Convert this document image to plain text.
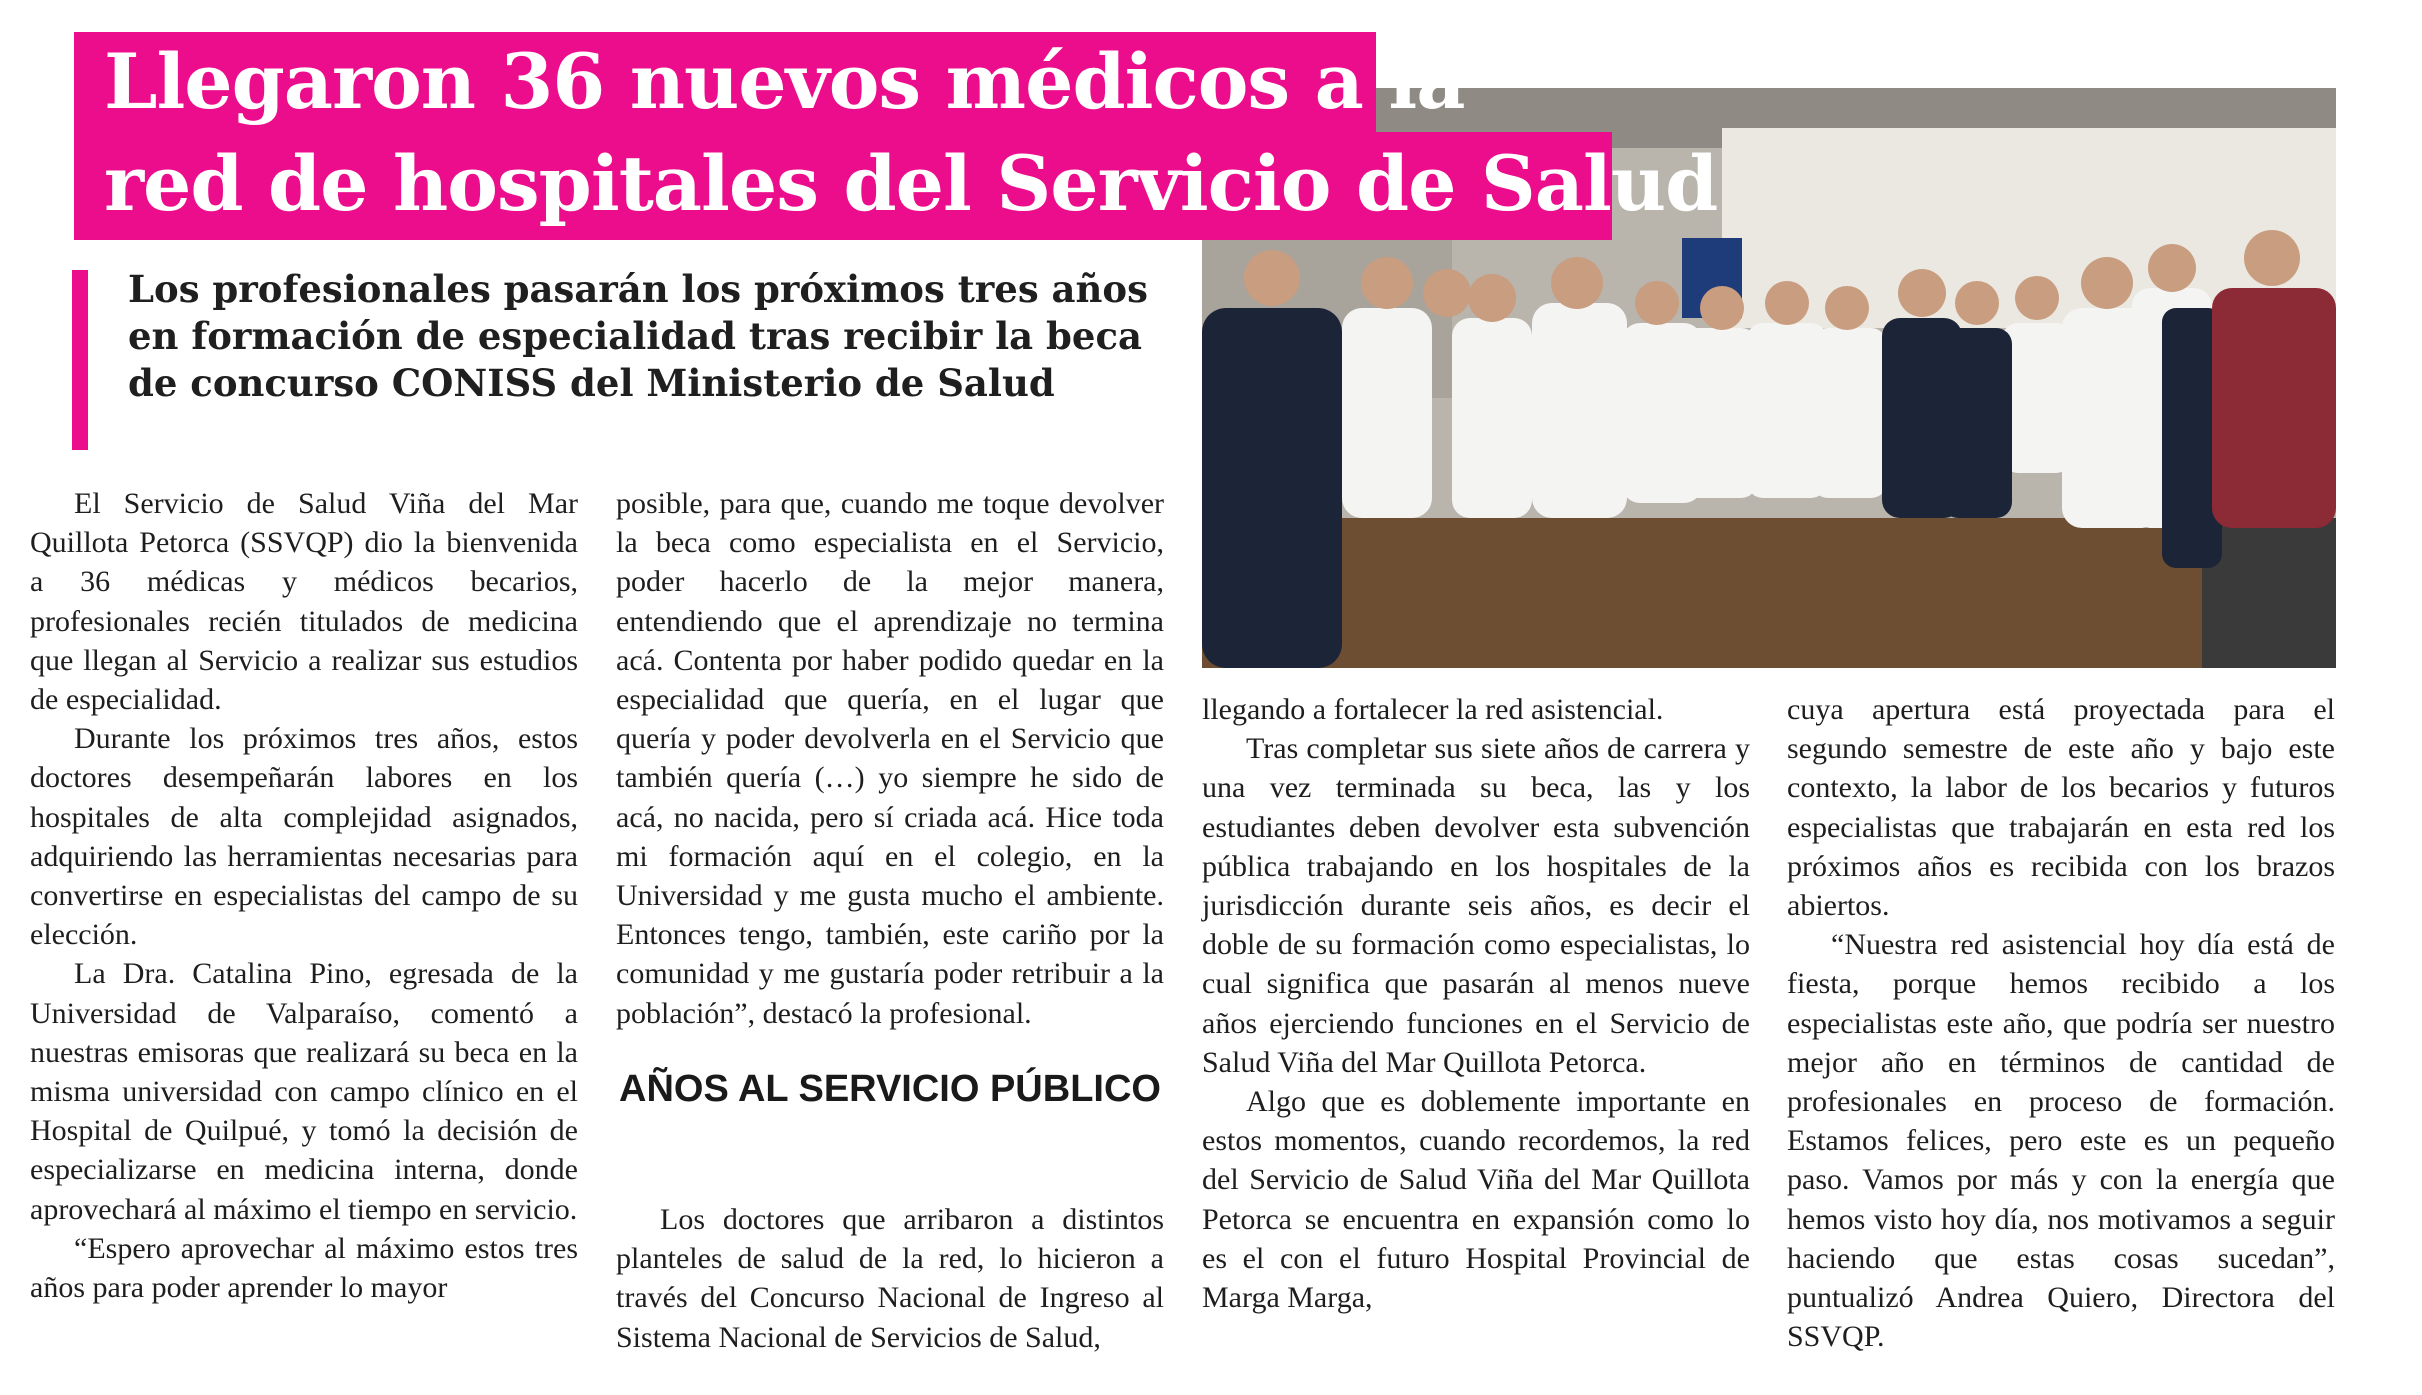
Llegaron 36 nuevos médicos a la
red de hospitales del Servicio de Salud
Los profesionales pasarán los próximos tres años en formación de especialidad tras recibir la beca de concurso CONISS del Ministerio de Salud

El Servicio de Salud Viña del Mar Quillota Petorca (SSVQP) dio la bienvenida a 36 médicas y médicos becarios, profesionales recién titulados de medicina que llegan al Servicio a realizar sus estudios de especialidad.

Durante los próximos tres años, estos doctores desempeñarán labores en los hospitales de alta complejidad asignados, adquiriendo las herramientas necesarias para convertirse en especialistas del campo de su elección.

La Dra. Catalina Pino, egresada de la Universidad de Valparaíso, comentó a nuestras emisoras que realizará su beca en la misma universidad con campo clínico en el Hospital de Quilpué, y tomó la decisión de especializarse en medicina interna, donde aprovechará al máximo el tiempo en servicio.

“Espero aprovechar al máximo estos tres años para poder aprender lo mayor

posible, para que, cuando me toque devolver la beca como especialista en el Servicio, poder hacerlo de la mejor manera, entendiendo que el aprendizaje no termina acá. Contenta por haber podido quedar en la especialidad que quería, en el lugar que quería y poder devolverla en el Servicio que también quería (…) yo siempre he sido de acá, no nacida, pero sí criada acá. Hice toda mi formación aquí en el colegio, en la Universidad y me gusta mucho el ambiente. Entonces tengo, también, este cariño por la comunidad y me gustaría poder retribuir a la población”, destacó la profesional.

AÑOS AL SERVICIO PÚBLICO

Los doctores que arribaron a distintos planteles de salud de la red, lo hicieron a través del Concurso Nacional de Ingreso al Sistema Nacional de Servicios de Salud,

llegando a fortalecer la red asistencial.

Tras completar sus siete años de carrera y una vez terminada su beca, las y los estudiantes deben devolver esta subvención pública trabajando en los hospitales de la jurisdicción durante seis años, es decir el doble de su formación como especialistas, lo cual significa que pasarán al menos nueve años ejerciendo funciones en el Servicio de Salud Viña del Mar Quillota Petorca.

Algo que es doblemente importante en estos momentos, cuando recordemos, la red del Servicio de Salud Viña del Mar Quillota Petorca se encuentra en expansión como lo es el con el futuro Hospital Provincial de Marga Marga,

cuya apertura está proyectada para el segundo semestre de este año y bajo este contexto, la labor de los becarios y futuros especialistas que trabajarán en esta red los próximos años es recibida con los brazos abiertos.

“Nuestra red asistencial hoy día está de fiesta, porque hemos recibido a los especialistas este año, que podría ser nuestro mejor año en términos de cantidad de profesionales en proceso de formación. Estamos felices, pero este es un pequeño paso. Vamos por más y con la energía que hemos visto hoy día, nos motivamos a seguir haciendo que estas cosas sucedan”, puntualizó Andrea Quiero, Directora del SSVQP.
